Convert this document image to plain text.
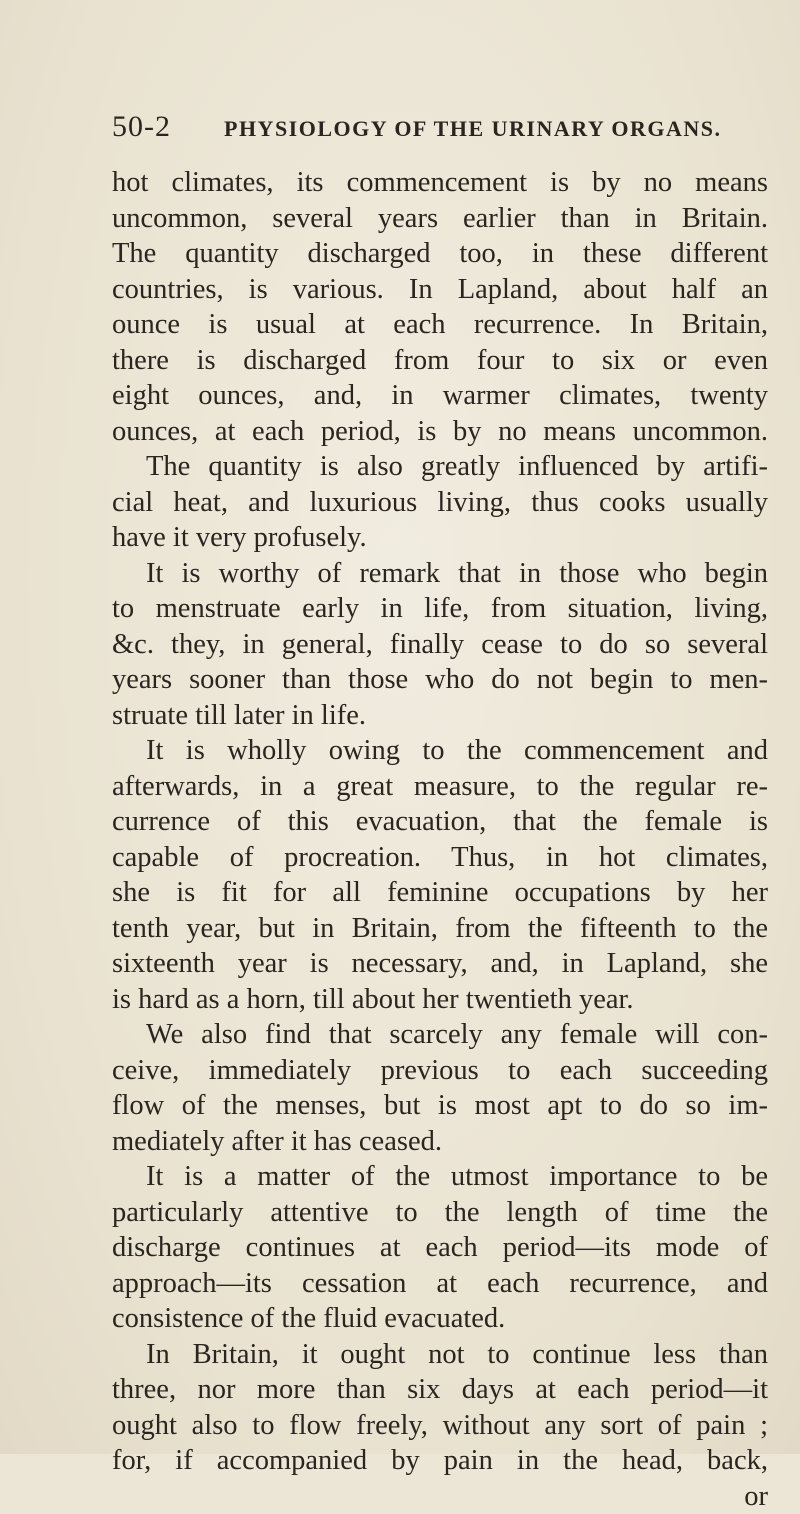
50-2 PHYSIOLOGY OF THE URINARY ORGANS.
hot climates, its commencement is by no means
uncommon, several years earlier than in Britain.
The quantity discharged too, in these different
countries, is various. In Lapland, about half an
ounce is usual at each recurrence. In Britain,
there is discharged from four to six or even
eight ounces, and, in warmer climates, twenty
ounces, at each period, is by no means uncommon.
The quantity is also greatly influenced by artifi-
cial heat, and luxurious living, thus cooks usually
have it very profusely.
It is worthy of remark that in those who begin
to menstruate early in life, from situation, living,
&c. they, in general, finally cease to do so several
years sooner than those who do not begin to men-
struate till later in life.
It is wholly owing to the commencement and
afterwards, in a great measure, to the regular re-
currence of this evacuation, that the female is
capable of procreation. Thus, in hot climates,
she is fit for all feminine occupations by her
tenth year, but in Britain, from the fifteenth to the
sixteenth year is necessary, and, in Lapland, she
is hard as a horn, till about her twentieth year.
We also find that scarcely any female will con-
ceive, immediately previous to each succeeding
flow of the menses, but is most apt to do so im-
mediately after it has ceased.
It is a matter of the utmost importance to be
particularly attentive to the length of time the
discharge continues at each period—its mode of
approach—its cessation at each recurrence, and
consistence of the fluid evacuated.
In Britain, it ought not to continue less than
three, nor more than six days at each period—it
ought also to flow freely, without any sort of pain ;
for, if accompanied by pain in the head, back,
or
